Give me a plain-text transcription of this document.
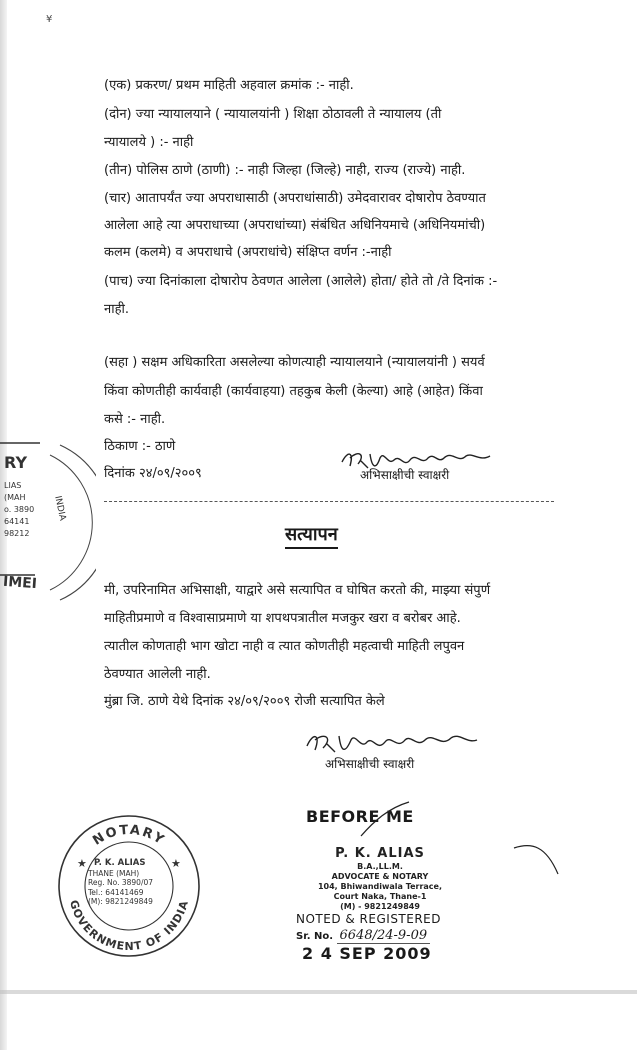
¥
(एक) प्रकरण/ प्रथम माहिती अहवाल क्रमांक :- नाही.
(दोन) ज्या न्यायालयाने ( न्यायालयांनी ) शिक्षा ठोठावली ते न्यायालय (ती
न्यायालये ) :- नाही
(तीन) पोलिस ठाणे (ठाणी) :- नाही जिल्हा (जिल्हे) नाही, राज्य (राज्ये) नाही.
(चार) आतापर्यंत ज्या अपराधासाठी (अपराधांसाठी) उमेदवारावर दोषारोप ठेवण्यात
आलेला आहे त्या अपराधाच्या (अपराधांच्या) संबंधित अधिनियमाचे (अधिनियमांची)
कलम (कलमे) व अपराधाचे (अपराधांचे) संक्षिप्त वर्णन :-नाही
(पाच) ज्या दिनांकाला दोषारोप ठेवणत आलेला (आलेले) होता/ होते तो /ते दिनांक :-
नाही.
(सहा ) सक्षम अधिकारिता असलेल्या कोणत्याही न्यायालयाने (न्यायालयांनी ) सयर्व
किंवा कोणतीही कार्यवाही (कार्यवाहया) तहकुब केली (केल्या) आहे (आहेत) किंवा
कसे :- नाही.
ठिकाण :- ठाणे
दिनांक २४/०९/२००९	अभिसाक्षीची स्वाक्षरी
सत्यापन
मी, उपरिनामित अभिसाक्षी, याद्वारे असे सत्यापित व घोषित करतो की, माझ्या संपुर्ण
माहितीप्रमाणे व विश्वासाप्रमाणे या शपथपत्रातील मजकुर खरा व बरोबर आहे.
त्यातील कोणताही भाग खोटा नाही व त्यात कोणतीही महत्वाची माहिती लपुवन
ठेवण्यात आलेली नाही.
मुंब्रा जि. ठाणे येथे दिनांक २४/०९/२००९ रोजी सत्यापित केले
अभिसाक्षीची स्वाक्षरी
RY
LIAS
(MAH
o. 3890
64141
98212
INDIA
IMEI
NOTARY
GOVERNMENT OF INDIA
★	★
P. K. ALIAS
THANE (MAH)
Reg. No. 3890/07
Tel.: 64141469
(M): 9821249849
BEFORE ME
P. K. ALIAS
B.A.,LL.M.
ADVOCATE & NOTARY
104, Bhiwandiwala Terrace,
Court Naka, Thane-1
(M) - 9821249849
NOTED & REGISTERED
Sr. No. 6648/24-9-09
2 4 SEP 2009
